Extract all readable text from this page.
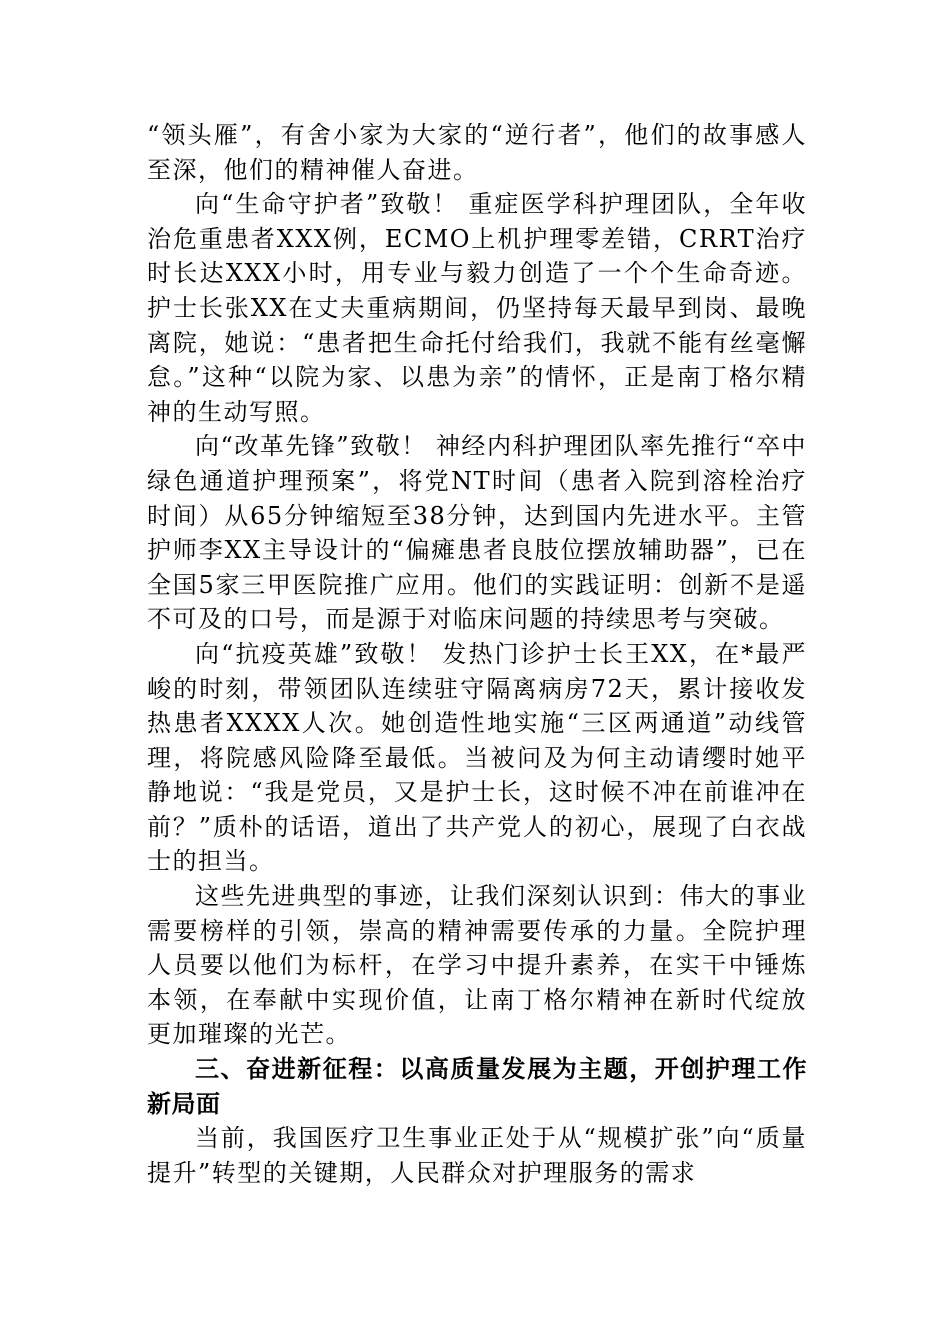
“领头雁”，有舍小家为大家的“逆行者”，他们的故事感人至深，他们的精神催人奋进。

向“生命守护者”致敬！ 重症医学科护理团队，全年收治危重患者XXX例，ECMO上机护理零差错，CRRT治疗时长达XXX小时，用专业与毅力创造了一个个生命奇迹。护士长张XX在丈夫重病期间，仍坚持每天最早到岗、最晚离院，她说：“患者把生命托付给我们，我就不能有丝毫懈怠。”这种“以院为家、以患为亲”的情怀，正是南丁格尔精神的生动写照。

向“改革先锋”致敬！ 神经内科护理团队率先推行“卒中绿色通道护理预案”，将党NT时间（患者入院到溶栓治疗时间）从65分钟缩短至38分钟，达到国内先进水平。主管护师李XX主导设计的“偏瘫患者良肢位摆放辅助器”，已在全国5家三甲医院推广应用。他们的实践证明：创新不是遥不可及的口号，而是源于对临床问题的持续思考与突破。

向“抗疫英雄”致敬！ 发热门诊护士长王XX，在*最严峻的时刻，带领团队连续驻守隔离病房72天，累计接收发热患者XXXX人次。她创造性地实施“三区两通道”动线管理，将院感风险降至最低。当被问及为何主动请缨时她平静地说：“我是党员，又是护士长，这时候不冲在前谁冲在前？”质朴的话语，道出了共产党人的初心，展现了白衣战士的担当。

这些先进典型的事迹，让我们深刻认识到：伟大的事业需要榜样的引领，崇高的精神需要传承的力量。全院护理人员要以他们为标杆，在学习中提升素养，在实干中锤炼本领，在奉献中实现价值，让南丁格尔精神在新时代绽放更加璀璨的光芒。

三、奋进新征程：以高质量发展为主题，开创护理工作新局面

当前，我国医疗卫生事业正处于从“规模扩张”向“质量提升”转型的关键期，人民群众对护理服务的需求
